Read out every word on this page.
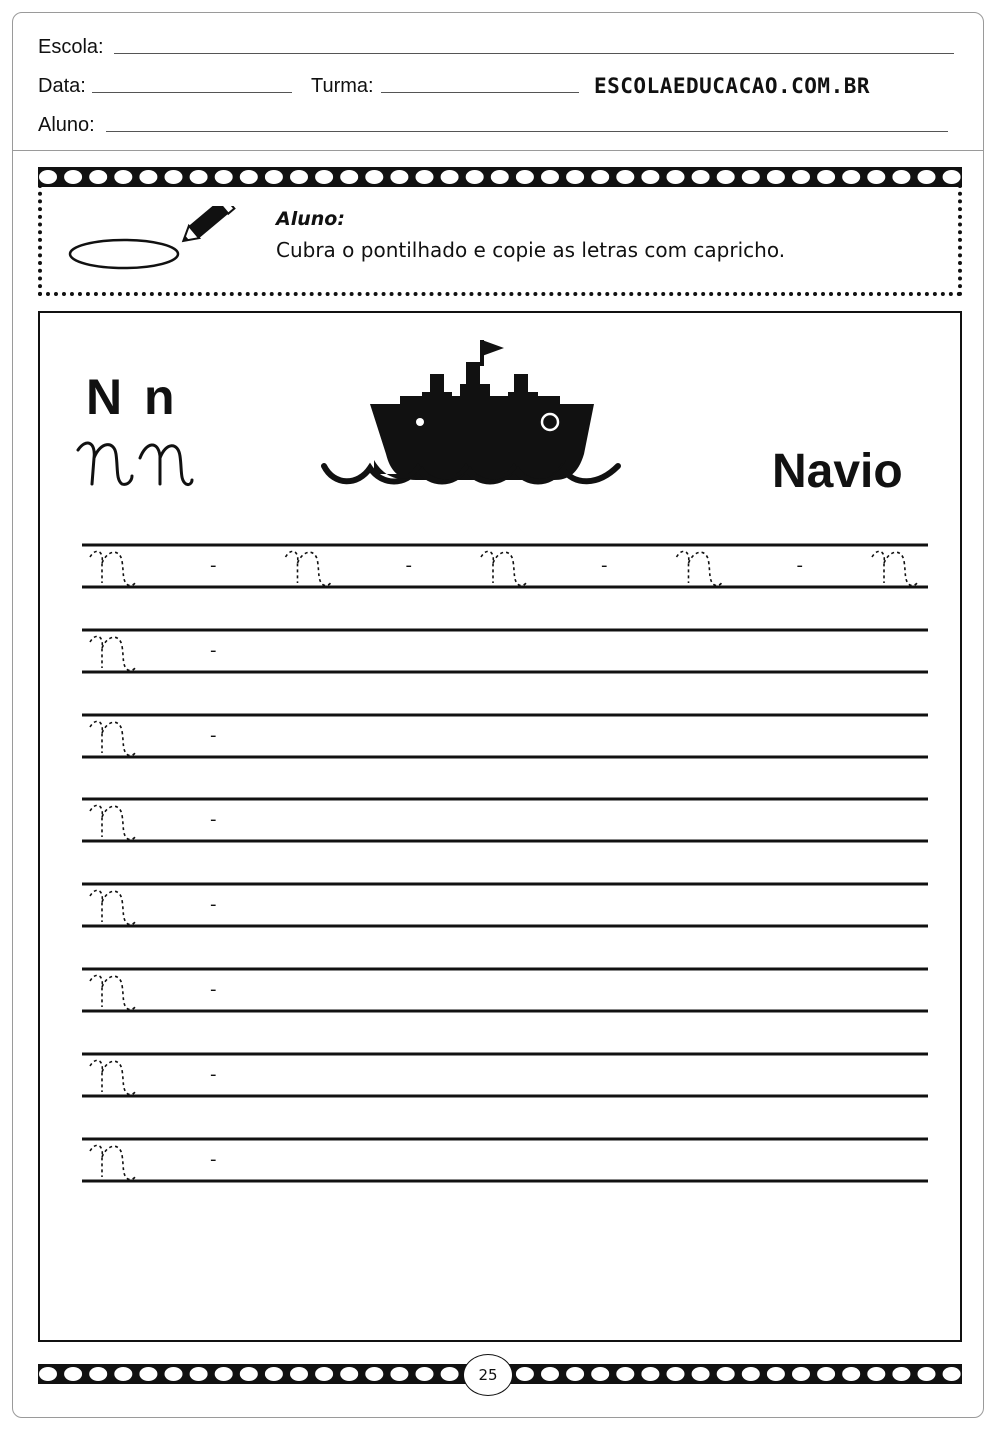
Escola:
Data:	Turma:	ESCOLAEDUCACAO.COM.BR
Aluno:
Aluno:
Cubra o pontilhado e copie as letras com capricho.
N n
Nn
Navio
-	-	-	-
-
-
-
-
-
-
-
25
